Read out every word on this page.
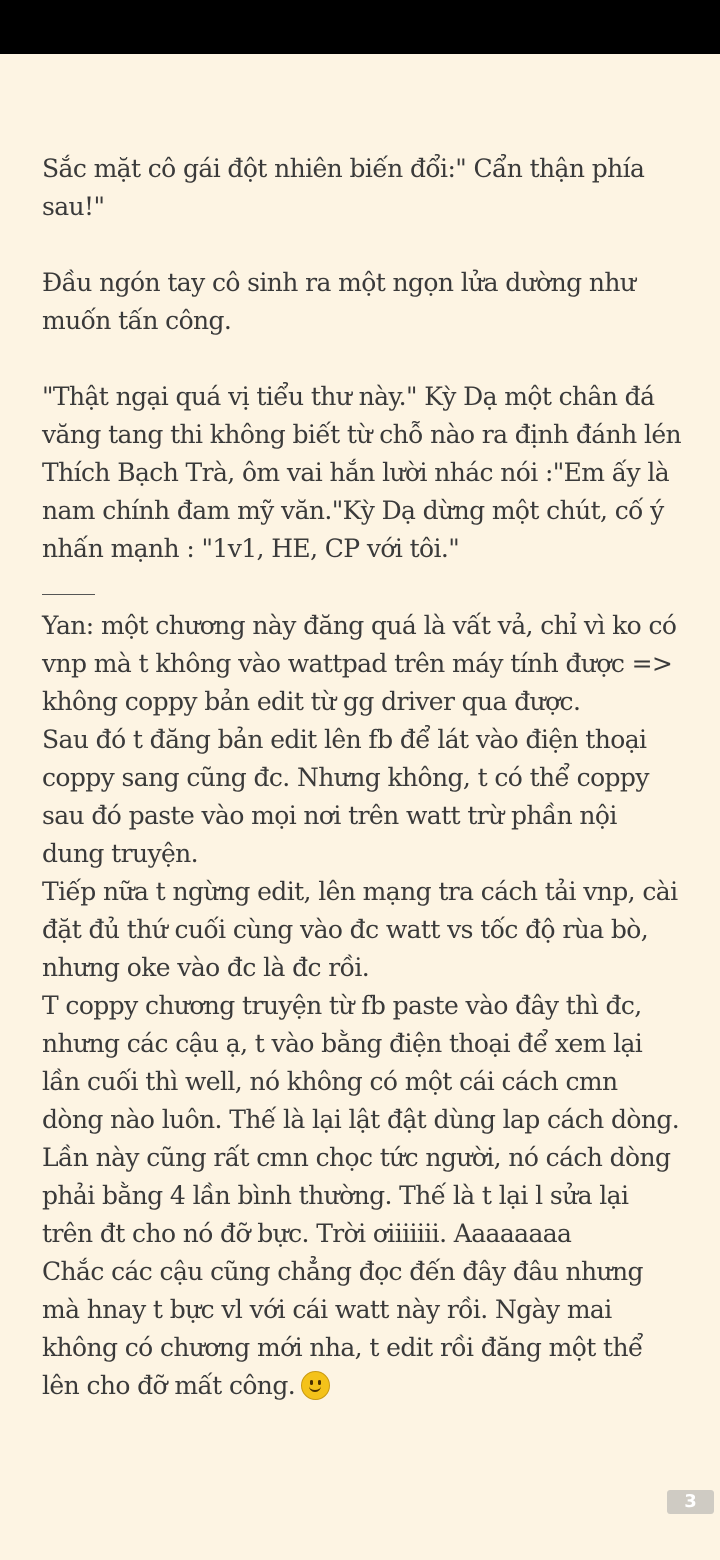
Sắc mặt cô gái đột nhiên biến đổi:" Cẩn thận phía sau!"

Đầu ngón tay cô sinh ra một ngọn lửa dường như muốn tấn công.

"Thật ngại quá vị tiểu thư này." Kỳ Dạ một chân đá văng tang thi không biết từ chỗ nào ra định đánh lén Thích Bạch Trà, ôm vai hắn lười nhác nói :"Em ấy là nam chính đam mỹ văn."Kỳ Dạ dừng một chút, cố ý nhấn mạnh : "1v1, HE, CP với tôi."

Yan: một chương này đăng quá là vất vả, chỉ vì ko có vnp mà t không vào wattpad trên máy tính được => không coppy bản edit từ gg driver qua được.

Sau đó t đăng bản edit lên fb để lát vào điện thoại coppy sang cũng đc. Nhưng không, t có thể coppy sau đó paste vào mọi nơi trên watt trừ phần nội dung truyện.

Tiếp nữa t ngừng edit, lên mạng tra cách tải vnp, cài đặt đủ thứ cuối cùng vào đc watt vs tốc độ rùa bò, nhưng oke vào đc là đc rồi.

T coppy chương truyện từ fb paste vào đây thì đc, nhưng các cậu ạ, t vào bằng điện thoại để xem lại lần cuối thì well, nó không có một cái cách cmn dòng nào luôn. Thế là lại lật đật dùng lap cách dòng. Lần này cũng rất cmn chọc tức người, nó cách dòng phải bằng 4 lần bình thường. Thế là t lại l sửa lại trên đt cho nó đỡ bực. Trời ơiiiiiii. Aaaaaaaa

Chắc các cậu cũng chẳng đọc đến đây đâu nhưng mà hnay t bực vl với cái watt này rồi. Ngày mai không có chương mới nha, t edit rồi đăng một thể lên cho đỡ mất công.

3
